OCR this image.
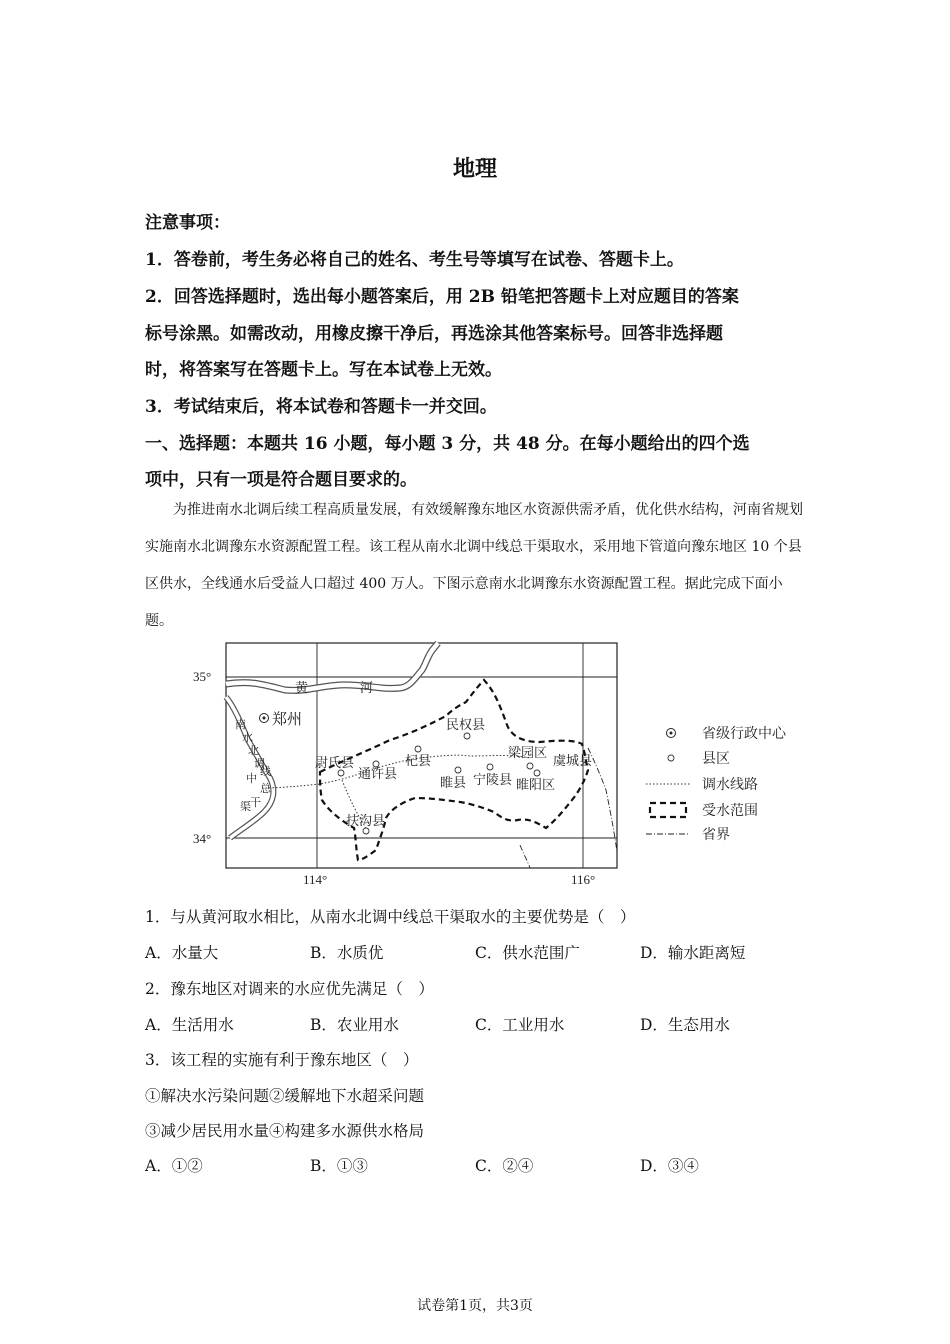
地理
注意事项：
1．答卷前，考生务必将自己的姓名、考生号等填写在试卷、答题卡上。
2．回答选择题时，选出每小题答案后，用 2B 铅笔把答题卡上对应题目的答案
标号涂黑。如需改动，用橡皮擦干净后，再选涂其他答案标号。回答非选择题
时，将答案写在答题卡上。写在本试卷上无效。
3．考试结束后，将本试卷和答题卡一并交回。
一、选择题：本题共 16 小题，每小题 3 分，共 48 分。在每小题给出的四个选
项中，只有一项是符合题目要求的。
为推进南水北调后续工程高质量发展，有效缓解豫东地区水资源供需矛盾，优化供水结构，河南省规划实施南水北调豫东水资源配置工程。该工程从南水北调中线总干渠取水，采用地下管道向豫东地区 10 个县区供水，全线通水后受益人口超过 400 万人。下图示意南水北调豫东水资源配置工程。据此完成下面小题。
35°
34°
114°	116°
黄	河
南
水
北
调
中
线
总
干
渠
郑州	民权县
尉氏县
通许县
杞县
梁园区
虞城县
睢县 宁陵县 睢阳区
扶沟县
省级行政中心
县区
调水线路
受水范围
省界
1．与从黄河取水相比，从南水北调中线总干渠取水的主要优势是（　）
A．水量大	B．水质优	C．供水范围广	D．输水距离短
2．豫东地区对调来的水应优先满足（　）
A．生活用水	B．农业用水	C．工业用水	D．生态用水
3．该工程的实施有利于豫东地区（　）
①解决水污染问题②缓解地下水超采问题
③减少居民用水量④构建多水源供水格局
A．①②	B．①③	C．②④	D．③④
试卷第1页，共3页
